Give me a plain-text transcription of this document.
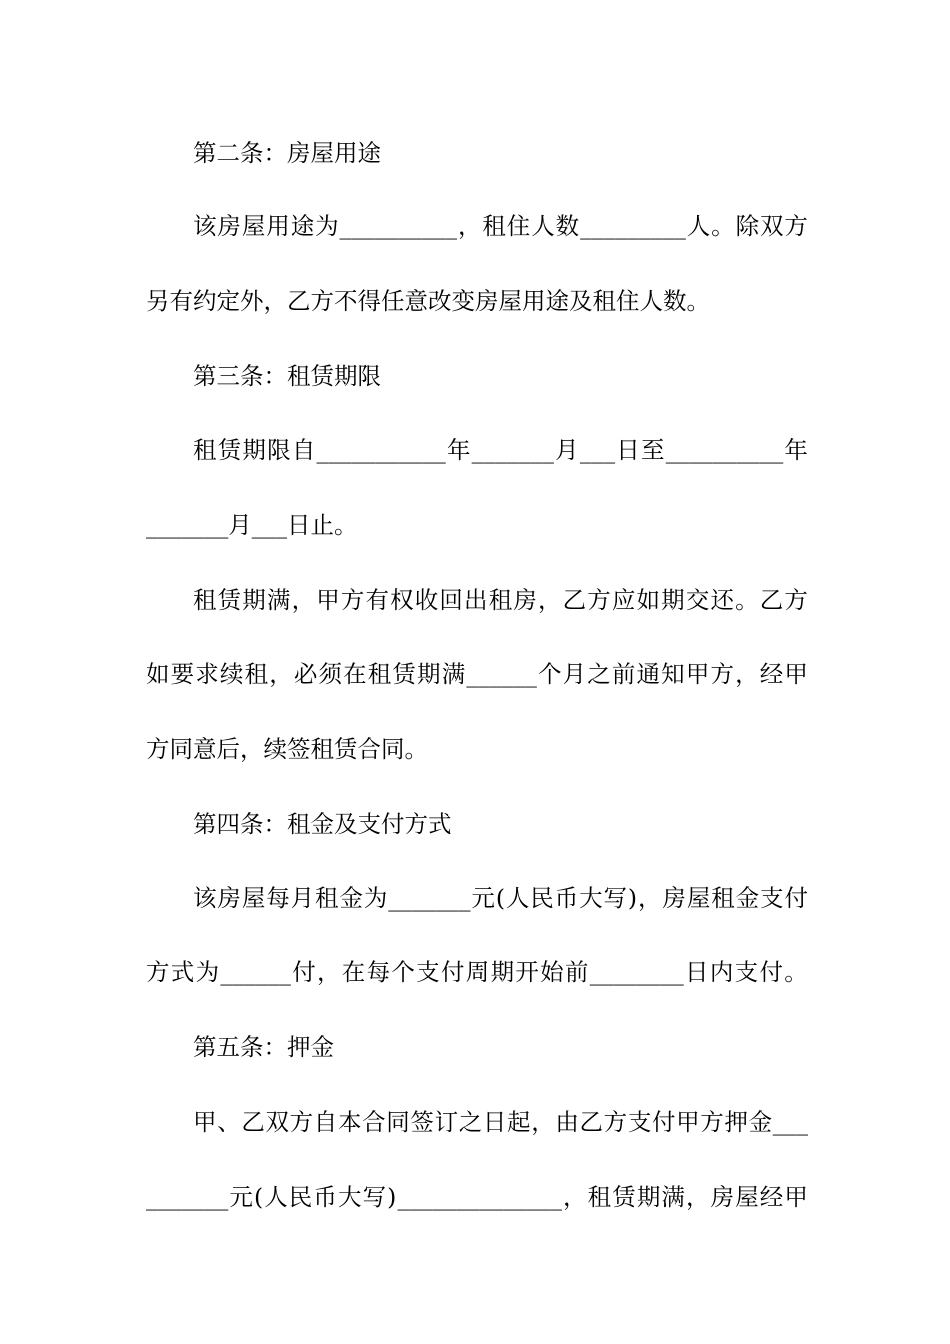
第二条：房屋用途

该 房 屋 用 途 为 __________ ， 租 住 人 数 _________ 人 。 除 双 方

另有约定外，乙方不得任意改变房屋用途及租住人数。

第三条：租赁期限

租 赁 期 限 自 ___________ 年 _______ 月 ___ 日 至 __________ 年

_______月___日止。

租 赁 期 满 ， 甲 方 有 权 收 回 出 租 房 ， 乙 方 应 如 期 交 还 。 乙 方

如 要 求 续 租 ， 必 须 在 租 赁 期 满 ______ 个 月 之 前 通 知 甲 方 ， 经 甲

方同意后，续签租赁合同。

第四条：租金及支付方式

该 房 屋 每 月 租 金 为 _______ 元 ( 人 民 币 大 写 ) ， 房 屋 租 金 支 付

方 式 为 ______ 付 ， 在 每 个 支 付 周 期 开 始 前 ________ 日 内 支 付 。

第五条：押金

甲 、 乙 双 方 自 本 合 同 签 订 之 日 起 ， 由 乙 方 支 付 甲 方 押 金 ___

_______ 元 ( 人 民 币 大 写 ) ______________ ， 租 赁 期 满 ， 房 屋 经 甲
